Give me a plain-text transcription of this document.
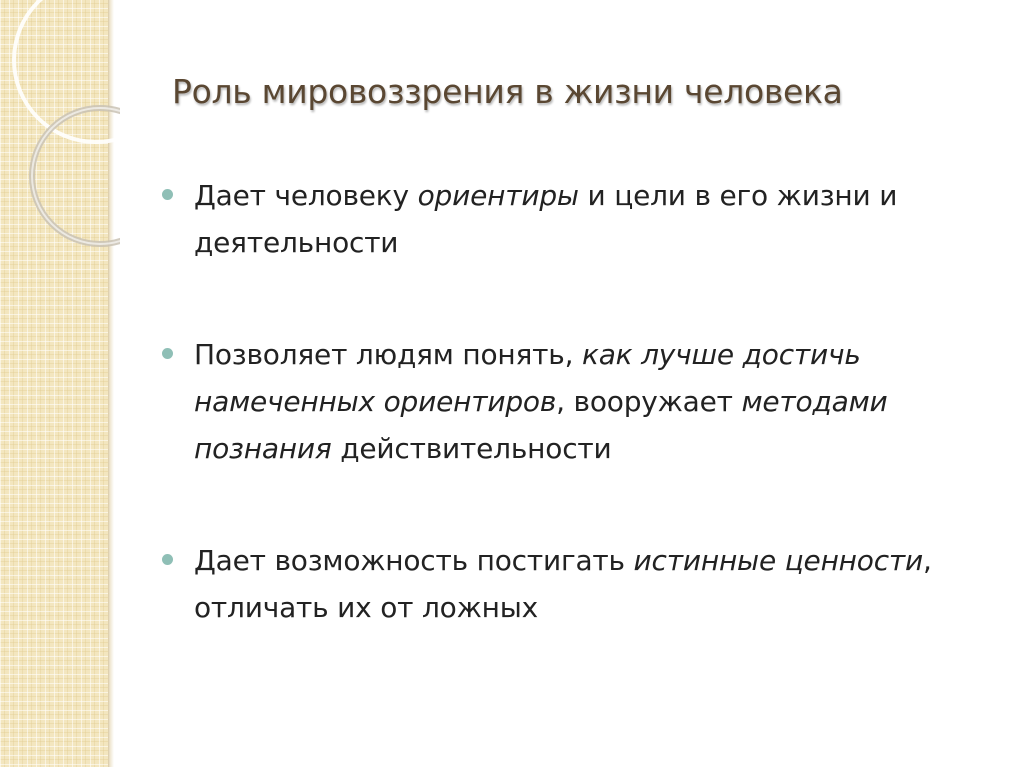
Роль мировоззрения в жизни человека
Дает человеку ориентиры и цели в его жизни и деятельности
Позволяет людям понять, как лучше достичь намеченных ориентиров, вооружает методами познания действительности
Дает возможность постигать истинные ценности, отличать их от ложных
